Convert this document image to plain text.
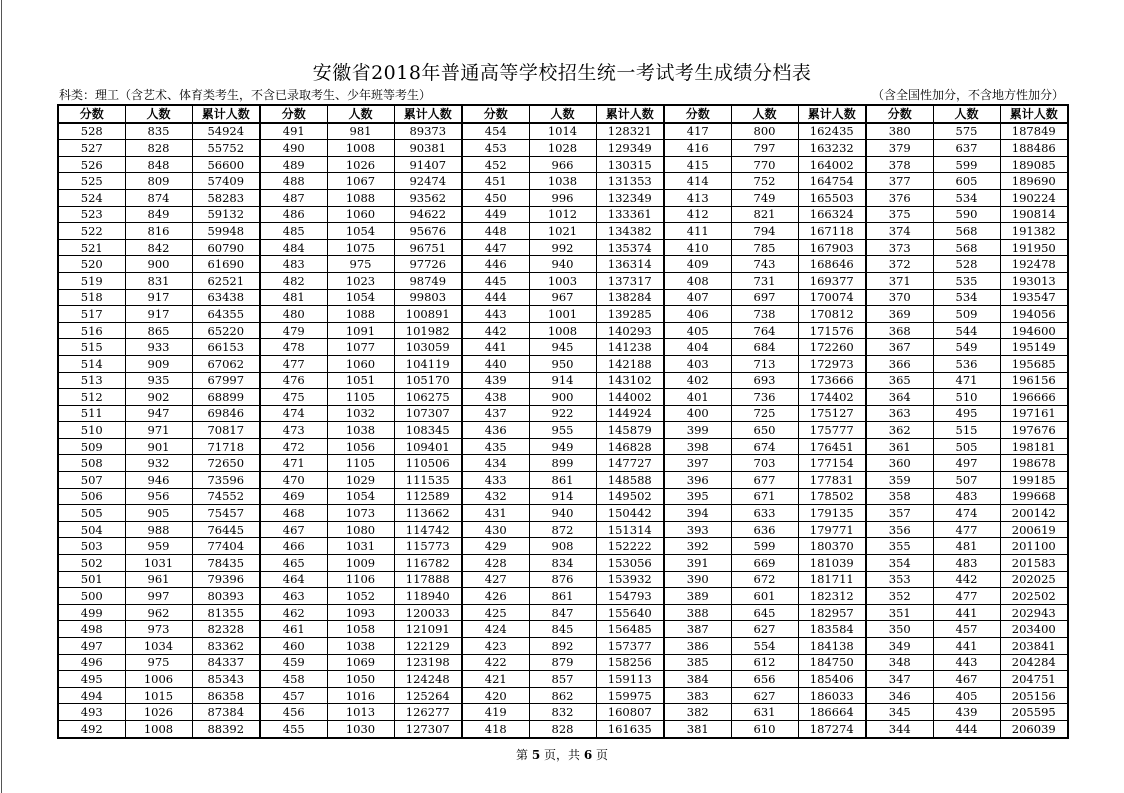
安徽省2018年普通高等学校招生统一考试考生成绩分档表
科类：理工（含艺术、体育类考生，不含已录取考生、少年班等考生）	（含全国性加分，不含地方性加分）
分数	人数	累计人数	分数	人数	累计人数	分数	人数	累计人数	分数	人数	累计人数	分数	人数	累计人数
528	835	54924	491	981	89373	454	1014	128321	417	800	162435	380	575	187849
527	828	55752	490	1008	90381	453	1028	129349	416	797	163232	379	637	188486
526	848	56600	489	1026	91407	452	966	130315	415	770	164002	378	599	189085
525	809	57409	488	1067	92474	451	1038	131353	414	752	164754	377	605	189690
524	874	58283	487	1088	93562	450	996	132349	413	749	165503	376	534	190224
523	849	59132	486	1060	94622	449	1012	133361	412	821	166324	375	590	190814
522	816	59948	485	1054	95676	448	1021	134382	411	794	167118	374	568	191382
521	842	60790	484	1075	96751	447	992	135374	410	785	167903	373	568	191950
520	900	61690	483	975	97726	446	940	136314	409	743	168646	372	528	192478
519	831	62521	482	1023	98749	445	1003	137317	408	731	169377	371	535	193013
518	917	63438	481	1054	99803	444	967	138284	407	697	170074	370	534	193547
517	917	64355	480	1088	100891	443	1001	139285	406	738	170812	369	509	194056
516	865	65220	479	1091	101982	442	1008	140293	405	764	171576	368	544	194600
515	933	66153	478	1077	103059	441	945	141238	404	684	172260	367	549	195149
514	909	67062	477	1060	104119	440	950	142188	403	713	172973	366	536	195685
513	935	67997	476	1051	105170	439	914	143102	402	693	173666	365	471	196156
512	902	68899	475	1105	106275	438	900	144002	401	736	174402	364	510	196666
511	947	69846	474	1032	107307	437	922	144924	400	725	175127	363	495	197161
510	971	70817	473	1038	108345	436	955	145879	399	650	175777	362	515	197676
509	901	71718	472	1056	109401	435	949	146828	398	674	176451	361	505	198181
508	932	72650	471	1105	110506	434	899	147727	397	703	177154	360	497	198678
507	946	73596	470	1029	111535	433	861	148588	396	677	177831	359	507	199185
506	956	74552	469	1054	112589	432	914	149502	395	671	178502	358	483	199668
505	905	75457	468	1073	113662	431	940	150442	394	633	179135	357	474	200142
504	988	76445	467	1080	114742	430	872	151314	393	636	179771	356	477	200619
503	959	77404	466	1031	115773	429	908	152222	392	599	180370	355	481	201100
502	1031	78435	465	1009	116782	428	834	153056	391	669	181039	354	483	201583
501	961	79396	464	1106	117888	427	876	153932	390	672	181711	353	442	202025
500	997	80393	463	1052	118940	426	861	154793	389	601	182312	352	477	202502
499	962	81355	462	1093	120033	425	847	155640	388	645	182957	351	441	202943
498	973	82328	461	1058	121091	424	845	156485	387	627	183584	350	457	203400
497	1034	83362	460	1038	122129	423	892	157377	386	554	184138	349	441	203841
496	975	84337	459	1069	123198	422	879	158256	385	612	184750	348	443	204284
495	1006	85343	458	1050	124248	421	857	159113	384	656	185406	347	467	204751
494	1015	86358	457	1016	125264	420	862	159975	383	627	186033	346	405	205156
493	1026	87384	456	1013	126277	419	832	160807	382	631	186664	345	439	205595
492	1008	88392	455	1030	127307	418	828	161635	381	610	187274	344	444	206039
第 5 页，共 6 页
